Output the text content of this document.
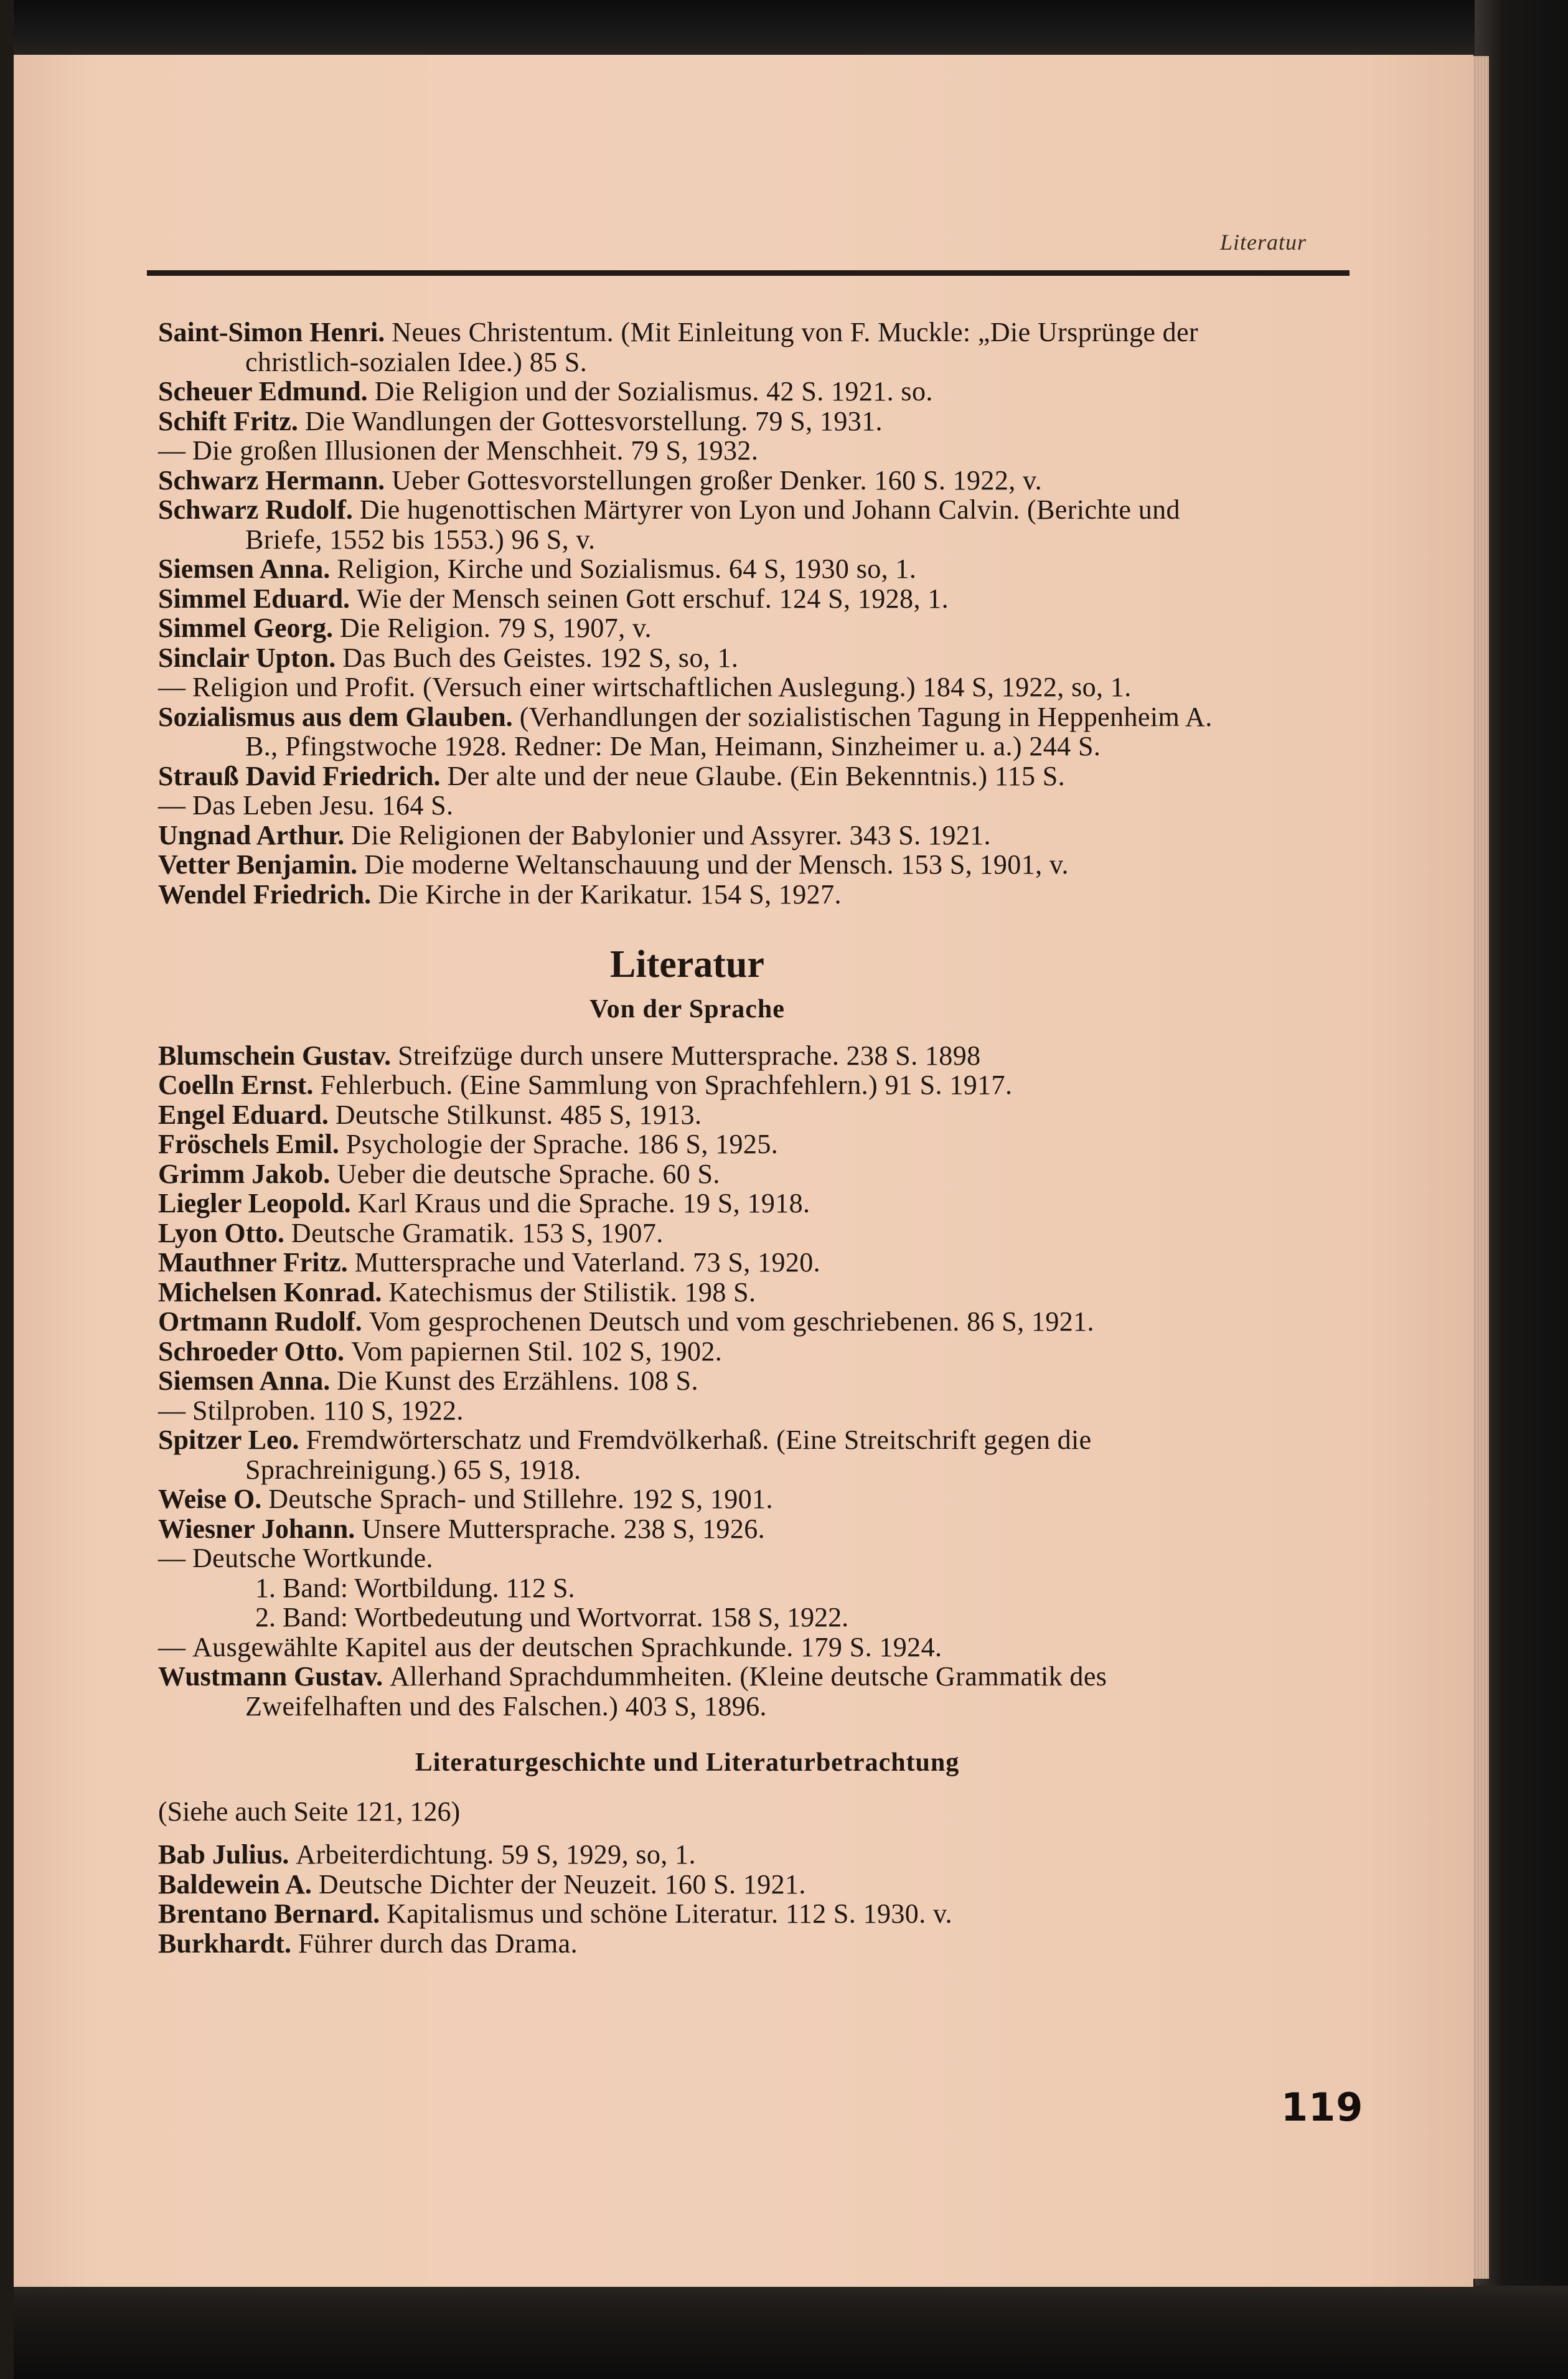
Literatur

Saint-Simon Henri. Neues Christentum. (Mit Einleitung von F. Muckle: „Die Ursprünge der christlich-sozialen Idee.) 85 S.

Scheuer Edmund. Die Religion und der Sozialismus. 42 S. 1921. so.

Schift Fritz. Die Wandlungen der Gottesvorstellung. 79 S, 1931.

— Die großen Illusionen der Menschheit. 79 S, 1932.

Schwarz Hermann. Ueber Gottesvorstellungen großer Denker. 160 S. 1922, v.

Schwarz Rudolf. Die hugenottischen Märtyrer von Lyon und Johann Calvin. (Berichte und Briefe, 1552 bis 1553.) 96 S, v.

Siemsen Anna. Religion, Kirche und Sozialismus. 64 S, 1930 so, 1.

Simmel Eduard. Wie der Mensch seinen Gott erschuf. 124 S, 1928, 1.

Simmel Georg. Die Religion. 79 S, 1907, v.

Sinclair Upton. Das Buch des Geistes. 192 S, so, 1.

— Religion und Profit. (Versuch einer wirtschaftlichen Auslegung.) 184 S, 1922, so, 1.

Sozialismus aus dem Glauben. (Verhandlungen der sozialistischen Tagung in Heppenheim A. B., Pfingstwoche 1928. Redner: De Man, Heimann, Sinzheimer u. a.) 244 S.

Strauß David Friedrich. Der alte und der neue Glaube. (Ein Bekenntnis.) 115 S.

— Das Leben Jesu. 164 S.

Ungnad Arthur. Die Religionen der Babylonier und Assyrer. 343 S. 1921.

Vetter Benjamin. Die moderne Weltanschauung und der Mensch. 153 S, 1901, v.

Wendel Friedrich. Die Kirche in der Karikatur. 154 S, 1927.

Literatur
Von der Sprache

Blumschein Gustav. Streifzüge durch unsere Muttersprache. 238 S. 1898

Coelln Ernst. Fehlerbuch. (Eine Sammlung von Sprachfehlern.) 91 S. 1917.

Engel Eduard. Deutsche Stilkunst. 485 S, 1913.

Fröschels Emil. Psychologie der Sprache. 186 S, 1925.

Grimm Jakob. Ueber die deutsche Sprache. 60 S.

Liegler Leopold. Karl Kraus und die Sprache. 19 S, 1918.

Lyon Otto. Deutsche Gramatik. 153 S, 1907.

Mauthner Fritz. Muttersprache und Vaterland. 73 S, 1920.

Michelsen Konrad. Katechismus der Stilistik. 198 S.

Ortmann Rudolf. Vom gesprochenen Deutsch und vom geschriebenen. 86 S, 1921.

Schroeder Otto. Vom papiernen Stil. 102 S, 1902.

Siemsen Anna. Die Kunst des Erzählens. 108 S.

— Stilproben. 110 S, 1922.

Spitzer Leo. Fremdwörterschatz und Fremdvölkerhaß. (Eine Streitschrift gegen die Sprachreinigung.) 65 S, 1918.

Weise O. Deutsche Sprach- und Stillehre. 192 S, 1901.

Wiesner Johann. Unsere Muttersprache. 238 S, 1926.

— Deutsche Wortkunde.

1. Band: Wortbildung. 112 S.

2. Band: Wortbedeutung und Wortvorrat. 158 S, 1922.

— Ausgewählte Kapitel aus der deutschen Sprachkunde. 179 S. 1924.

Wustmann Gustav. Allerhand Sprachdummheiten. (Kleine deutsche Grammatik des Zweifelhaften und des Falschen.) 403 S, 1896.

Literaturgeschichte und Literaturbetrachtung

(Siehe auch Seite 121, 126)

Bab Julius. Arbeiterdichtung. 59 S, 1929, so, 1.

Baldewein A. Deutsche Dichter der Neuzeit. 160 S. 1921.

Brentano Bernard. Kapitalismus und schöne Literatur. 112 S. 1930. v.

Burkhardt. Führer durch das Drama.

119
